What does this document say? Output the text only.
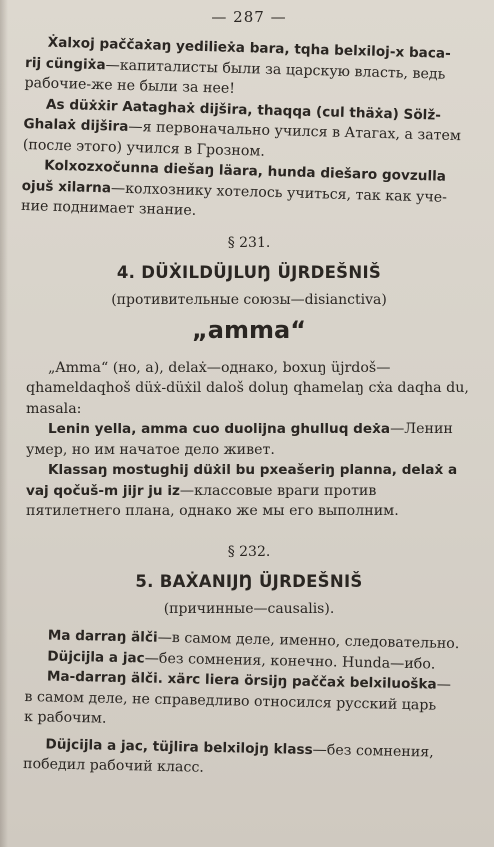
— 287 —

Ẋalxoj paččaẋaŋ yedilieẋa bara, tqha belxiloj-x baca-

rij cüngiẋa—капиталисты были за царскую власть, ведь

рабочие-же не были за нее!

As düẋẋir Aataghaẋ dijšira, thaqqa (cul thäẋa) Sölž-

Ghalaẋ dijšira—я первоначально учился в Атагах, а затем

(после этого) учился в Грозном.

Kolxozxočunna diešaŋ läara, hunda diešaro govzulla

ojuš xilarna—колхознику хотелось учиться, так как уче-

ние поднимает знание.

§ 231.
4. DÜẊILDÜJLUŊ ÜJRDEŠNIŠ
(противительные союзы—disianctiva)
„amma“

„Amma“ (но, а), delaẋ—однако, boxuŋ üjrdoš—qhameldaqhoš düẋ-düẋil daloš doluŋ qhamelaŋ cẋa daqha du, masala:

Lenin yella, amma cuo duolijna ghulluq deẋa—Ленин умер, но им начатое дело живет.

Klassaŋ mostughij düẋil bu pxeašeriŋ planna, delaẋ a vaj qočuš-m jijr ju iz—классовые враги против пятилетнего плана, однако же мы его выполним.

§ 232.
5. BAẊANIJŊ ÜJRDEŠNIŠ
(причинные—causalis).

Ma darraŋ älči—в самом деле, именно, следовательно.

Düjcijla a jac—без сомнения, конечно. Hunda—ибо.

Ma-darraŋ älči. xärc liera örsijŋ paččaẋ belxiluoška—

в самом деле, не справедливо относился русский царь

к рабочим.

Düjcijla a jac, tüjlira belxilojŋ klass—без сомнения,

победил рабочий класс.
